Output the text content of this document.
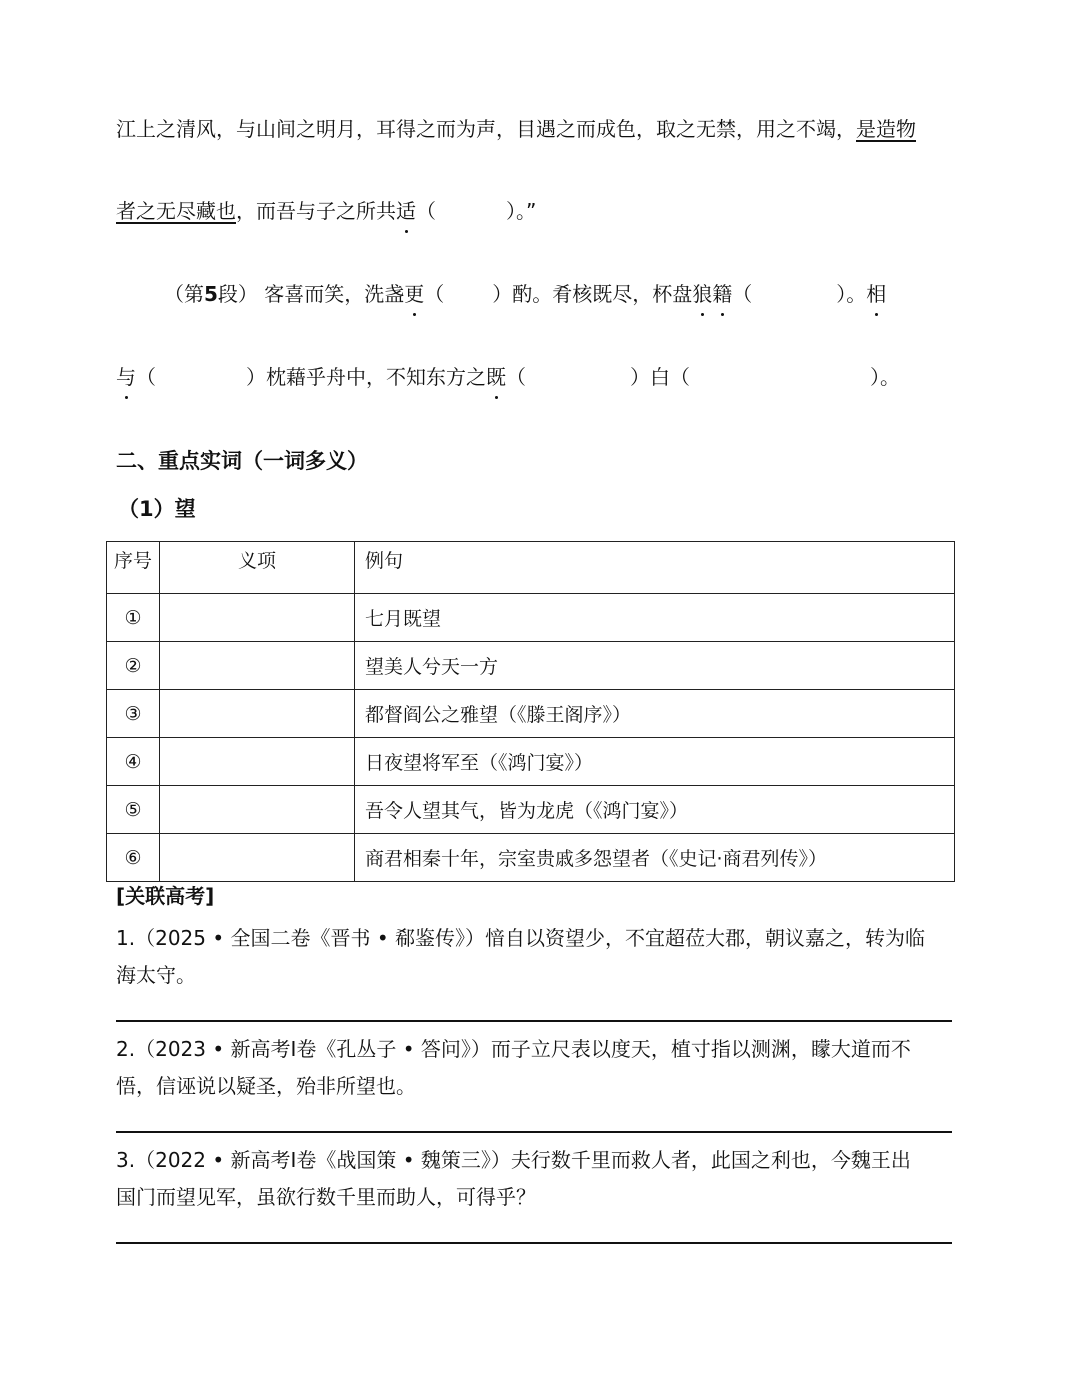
江上之清风，与山间之明月，耳得之而为声，目遇之而成色，取之无禁，用之不竭，是造物
者之无尽藏也，而吾与子之所共适（	）。”
（第5段） 客喜而笑，洗盏更（ ）酌。肴核既尽，杯盘狼籍（	）。相
与（	）枕藉乎舟中，不知东方之既（	）白（	）。
二、重点实词（一词多义）
（1）望
序号	义项	例句
①		七月既望
②		望美人兮天一方
③		都督阎公之雅望（《滕王阁序》）
④		日夜望将军至（《鸿门宴》）
⑤		吾令人望其气，皆为龙虎（《鸿门宴》）
⑥		商君相秦十年，宗室贵戚多怨望者（《史记·商君列传》）
[关联高考]
1.（2025 • 全国二卷《晋书 • 郗鉴传》）愔自以资望少，不宜超莅大郡，朝议嘉之，转为临
海太守。
2.（2023 • 新高考Ⅰ卷《孔丛子 • 答问》）而子立尺表以度天，植寸指以测渊，矇大道而不
悟，信诬说以疑圣，殆非所望也。
3.（2022 • 新高考Ⅰ卷《战国策 • 魏策三》）夫行数千里而救人者，此国之利也，今魏王出
国门而望见军，虽欲行数千里而助人，可得乎？
